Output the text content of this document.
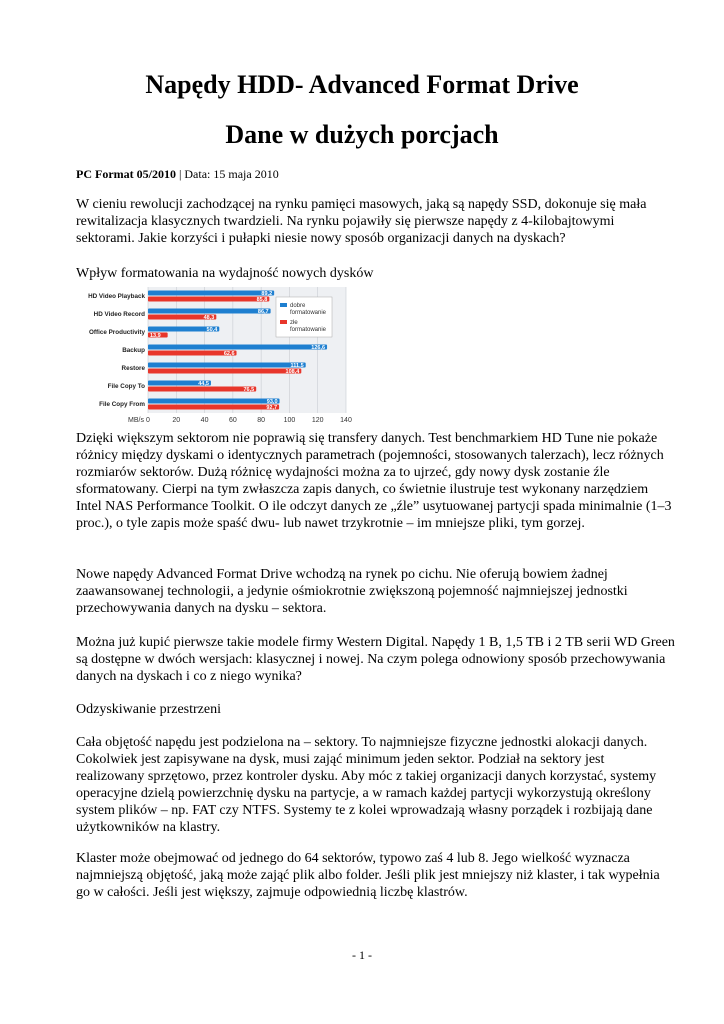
Napędy HDD- Advanced Format Drive
Dane w dużych porcjach
PC Format 05/2010 | Data: 15 maja 2010

W cieniu rewolucji zachodzącej na rynku pamięci masowych, jaką są napędy SSD, dokonuje się mała rewitalizacja klasycznych twardzieli. Na rynku pojawiły się pierwsze napędy z 4-kilobajtowymi sektorami. Jakie korzyści i pułapki niesie nowy sposób organizacji danych na dyskach?

Wpływ formatowania na wydajność nowych dysków

0	20	40	60	80	100 120 140
MB/s
HD Video Playback	89,2
85,8
HD Video Record	86,7
48,3
Office Productivity	50,4
13,9
Backup	126,6
62,6
Restore	111,5
108,4
File Copy To	44,5
76,5
File Copy From	93,0
92,7
dobre
formatowanie
złe
formatowanie

Dzięki większym sektorom nie poprawią się transfery danych. Test benchmarkiem HD Tune nie pokaże różnicy między dyskami o identycznych parametrach (pojemności, stosowanych talerzach), lecz różnych rozmiarów sektorów. Dużą różnicę wydajności można za to ujrzeć, gdy nowy dysk zostanie źle sformatowany. Cierpi na tym zwłaszcza zapis danych, co świetnie ilustruje test wykonany narzędziem Intel NAS Performance Toolkit. O ile odczyt danych ze „źle” usytuowanej partycji spada minimalnie (1–3 proc.), o tyle zapis może spaść dwu- lub nawet trzykrotnie – im mniejsze pliki, tym gorzej.

Nowe napędy Advanced Format Drive wchodzą na rynek po cichu. Nie oferują bowiem żadnej zaawansowanej technologii, a jedynie ośmiokrotnie zwiększoną pojemność najmniejszej jednostki przechowywania danych na dysku – sektora.

Można już kupić pierwsze takie modele firmy Western Digital. Napędy 1 B, 1,5 TB i 2 TB serii WD Green są dostępne w dwóch wersjach: klasycznej i nowej. Na czym polega odnowiony sposób przechowywania danych na dyskach i co z niego wynika?

Odzyskiwanie przestrzeni

Cała objętość napędu jest podzielona na – sektory. To najmniejsze fizyczne jednostki alokacji danych. Cokolwiek jest zapisywane na dysk, musi zająć minimum jeden sektor. Podział na sektory jest realizowany sprzętowo, przez kontroler dysku. Aby móc z takiej organizacji danych korzystać, systemy operacyjne dzielą powierzchnię dysku na partycje, a w ramach każdej partycji wykorzystują określony system plików – np. FAT czy NTFS. Systemy te z kolei wprowadzają własny porządek i rozbijają dane użytkowników na klastry.

Klaster może obejmować od jednego do 64 sektorów, typowo zaś 4 lub 8. Jego wielkość wyznacza najmniejszą objętość, jaką może zająć plik albo folder. Jeśli plik jest mniejszy niż klaster, i tak wypełnia go w całości. Jeśli jest większy, zajmuje odpowiednią liczbę klastrów.

- 1 -
